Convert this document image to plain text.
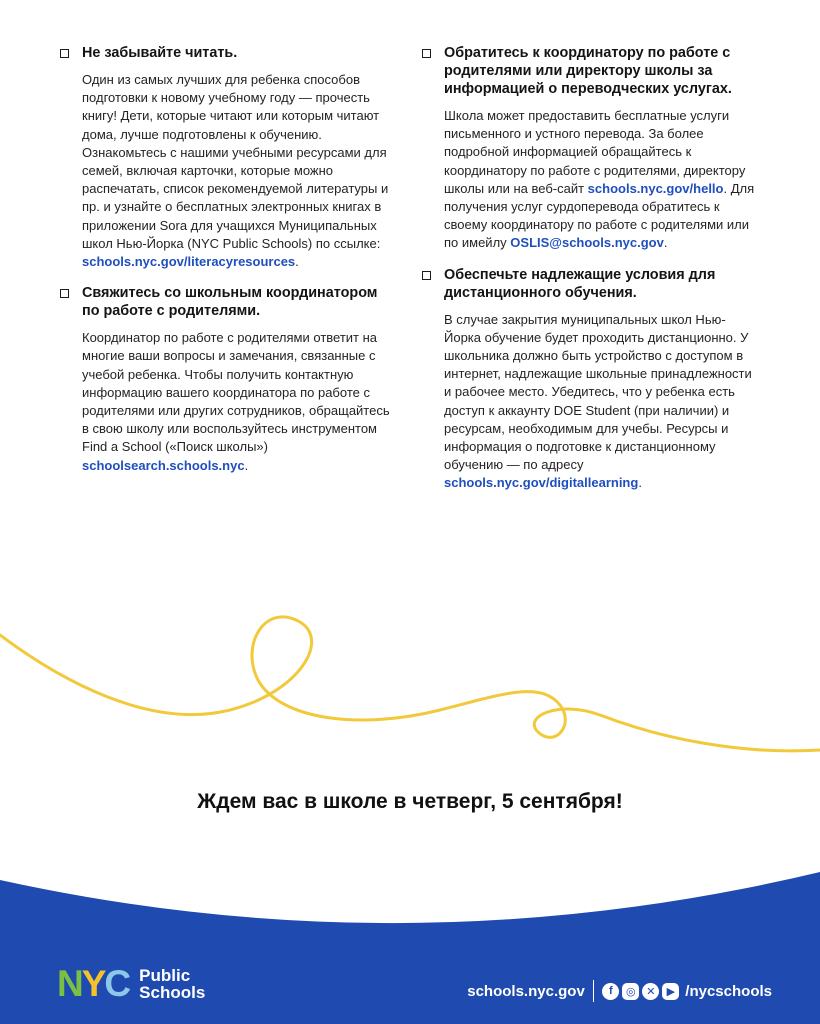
Не забывайте читать.

Один из самых лучших для ребенка способов подготовки к новому учебному году — прочесть книгу! Дети, которые читают или которым читают дома, лучше подготовлены к обучению. Ознакомьтесь с нашими учебными ресурсами для семей, включая карточки, которые можно распечатать, список рекомендуемой литературы и пр. и узнайте о бесплатных электронных книгах в приложении Sora для учащихся Муниципальных школ Нью-Йорка (NYC Public Schools) по ссылке: schools.nyc.gov/literacyresources.

Свяжитесь со школьным координатором по работе с родителями.

Координатор по работе с родителями ответит на многие ваши вопросы и замечания, связанные с учебой ребенка. Чтобы получить контактную информацию вашего координатора по работе с родителями или других сотрудников, обращайтесь в свою школу или воспользуйтесь инструментом Find a School («Поиск школы») schoolsearch.schools.nyc.

Обратитесь к координатору по работе с родителями или директору школы за информацией о переводческих услугах.

Школа может предоставить бесплатные услуги письменного и устного перевода. За более подробной информацией обращайтесь к координатору по работе с родителями, директору школы или на веб-сайт schools.nyc.gov/hello. Для получения услуг сурдоперевода обратитесь к своему координатору по работе с родителями или по имейлу OSLIS@schools.nyc.gov.

Обеспечьте надлежащие условия для дистанционного обучения.

В случае закрытия муниципальных школ Нью-Йорка обучение будет проходить дистанционно. У школьника должно быть устройство с доступом в интернет, надлежащие школьные принадлежности и рабочее место. Убедитесь, что у ребенка есть доступ к аккаунту DOE Student (при наличии) и ресурсам, необходимым для учебы. Ресурсы и информация о подготовке к дистанционному обучению — по адресу schools.nyc.gov/digitallearning.

Ждем вас в школе в четверг, 5 сентября!

N Y C Public
Schools	schools.nyc.gov	f	◎ ✕	▶ /nycschools
